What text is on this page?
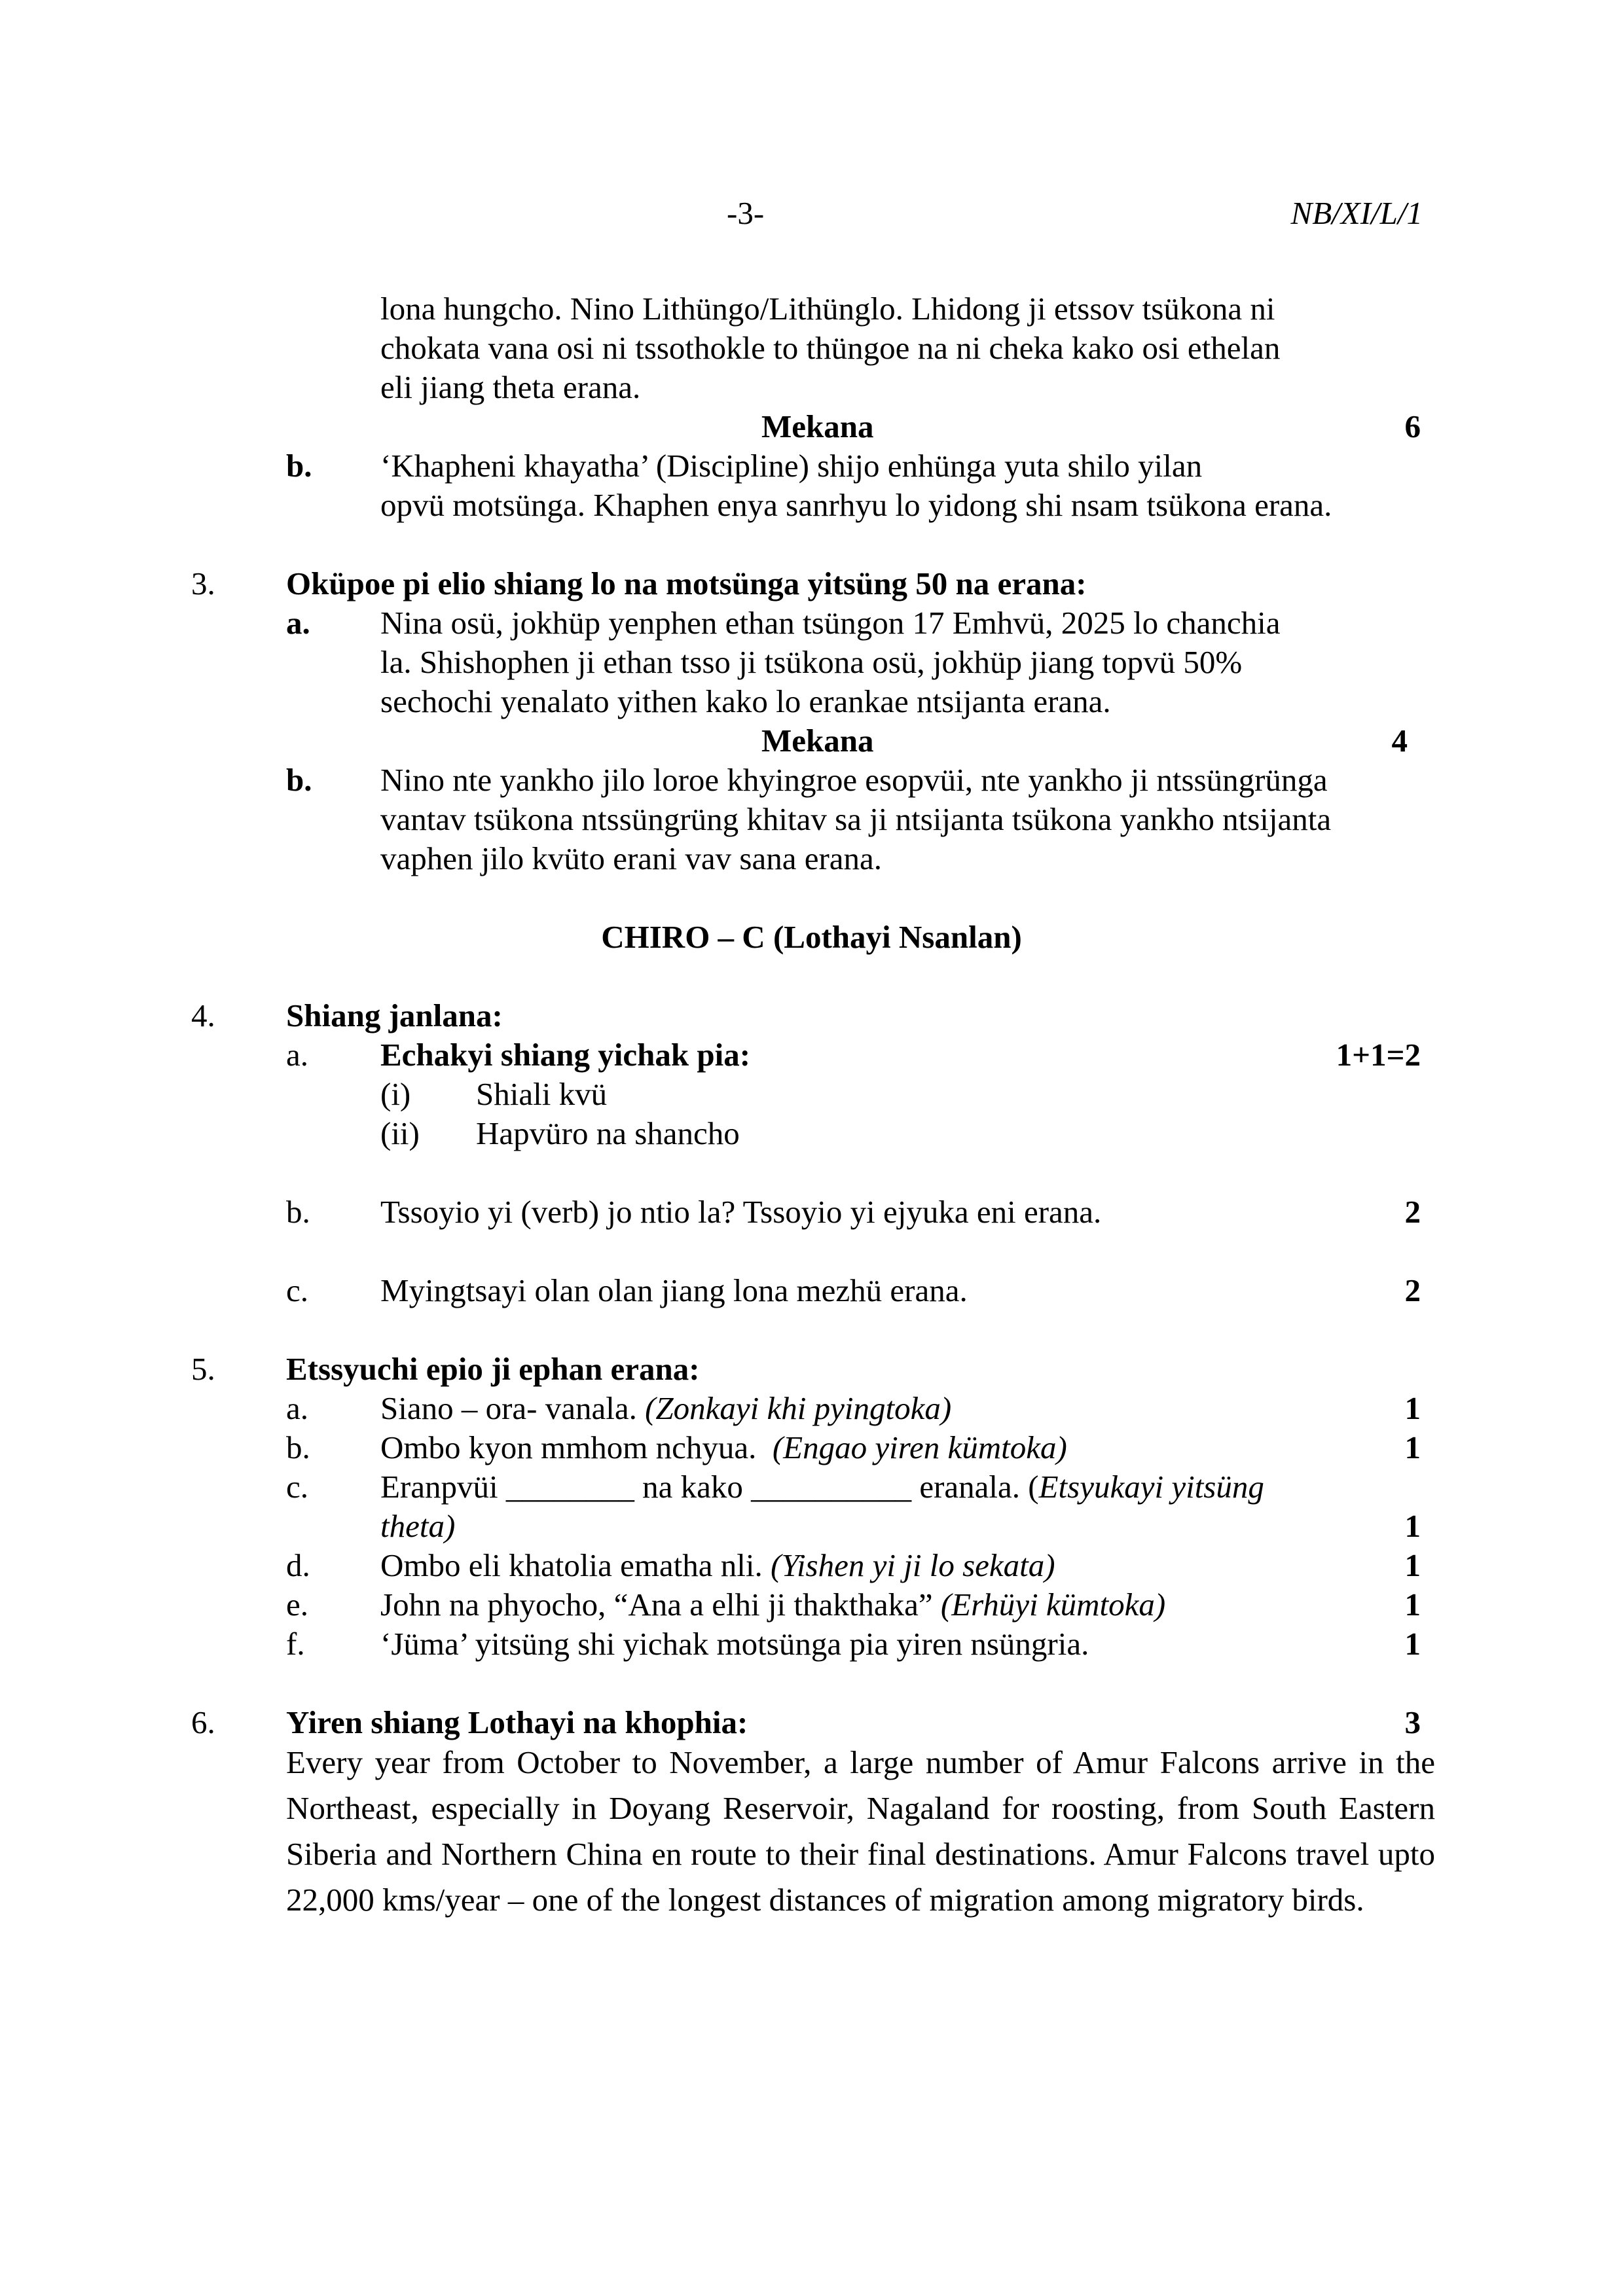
-3-	NB/XI/L/1
lona hungcho. Nino Lithüngo/Lithünglo. Lhidong ji etssov tsükona ni
chokata vana osi ni tssothokle to thüngoe na ni cheka kako osi ethelan
eli jiang theta erana.
Mekana	6
b. ‘Khapheni khayatha’ (Discipline) shijo enhünga yuta shilo yilan
opvü motsünga. Khaphen enya sanrhyu lo yidong shi nsam tsükona erana.
3. Oküpoe pi elio shiang lo na motsünga yitsüng 50 na erana:
a. Nina osü, jokhüp yenphen ethan tsüngon 17 Emhvü, 2025 lo chanchia
la. Shishophen ji ethan tsso ji tsükona osü, jokhüp jiang topvü 50%
sechochi yenalato yithen kako lo erankae ntsijanta erana.
Mekana	4
b. Nino nte yankho jilo loroe khyingroe esopvüi, nte yankho ji ntssüngrünga
vantav tsükona ntssüngrüng khitav sa ji ntsijanta tsükona yankho ntsijanta
vaphen jilo kvüto erani vav sana erana.
CHIRO – C (Lothayi Nsanlan)
4. Shiang janlana:
a. Echakyi shiang yichak pia:	1+1=2
(i) Shiali kvü
(ii) Hapvüro na shancho
b. Tssoyio yi (verb) jo ntio la? Tssoyio yi ejyuka eni erana.	2
c. Myingtsayi olan olan jiang lona mezhü erana.	2
5. Etssyuchi epio ji ephan erana:
a. Siano – ora- vanala. (Zonkayi khi pyingtoka)	1
b. Ombo kyon mmhom nchyua.  (Engao yiren kümtoka)	1
c. Eranpvüi ________ na kako __________ eranala. (Etsyukayi yitsüng
theta)	1
d. Ombo eli khatolia ematha nli. (Yishen yi ji lo sekata)	1
e. John na phyocho, “Ana a elhi ji thakthaka” (Erhüyi kümtoka)	1
f. ‘Jüma’ yitsüng shi yichak motsünga pia yiren nsüngria.	1
6. Yiren shiang Lothayi na khophia:	3
Every year from October to November, a large number of Amur Falcons arrive in the Northeast, especially in Doyang Reservoir, Nagaland for roosting, from South Eastern Siberia and Northern China en route to their final destinations. Amur Falcons travel upto 22,000 kms/year – one of the longest distances of migration among migratory birds.
